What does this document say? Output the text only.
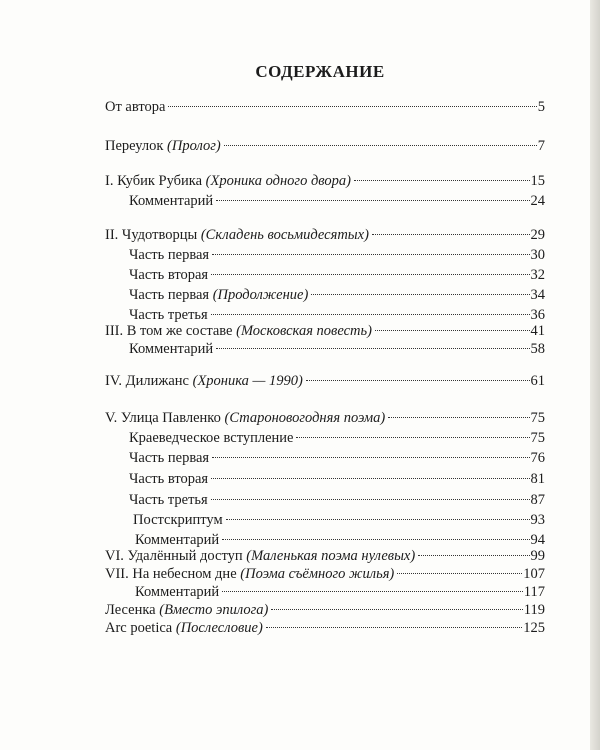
СОДЕРЖАНИЕ
От автора	5
Переулок (Пролог)	7
I. Кубик Рубика (Хроника одного двора)	15
Комментарий	24
II. Чудотворцы (Складень восьмидесятых)	29
Часть первая	30
Часть вторая	32
Часть первая (Продолжение)	34
Часть третья	36
III. В том же составе (Московская повесть)	41
Комментарий	58
IV. Дилижанс (Хроника — 1990)	61
V. Улица Павленко (Староновогодняя поэма)	75
Краеведческое вступление	75
Часть первая	76
Часть вторая	81
Часть третья	87
Постскриптум	93
Комментарий	94
VI. Удалённый доступ (Маленькая поэма нулевых)	99
VII. На небесном дне (Поэма съёмного жилья)	107
Комментарий	117
Лесенка (Вместо эпилога)	119
Arc poetica (Послесловие)	125
